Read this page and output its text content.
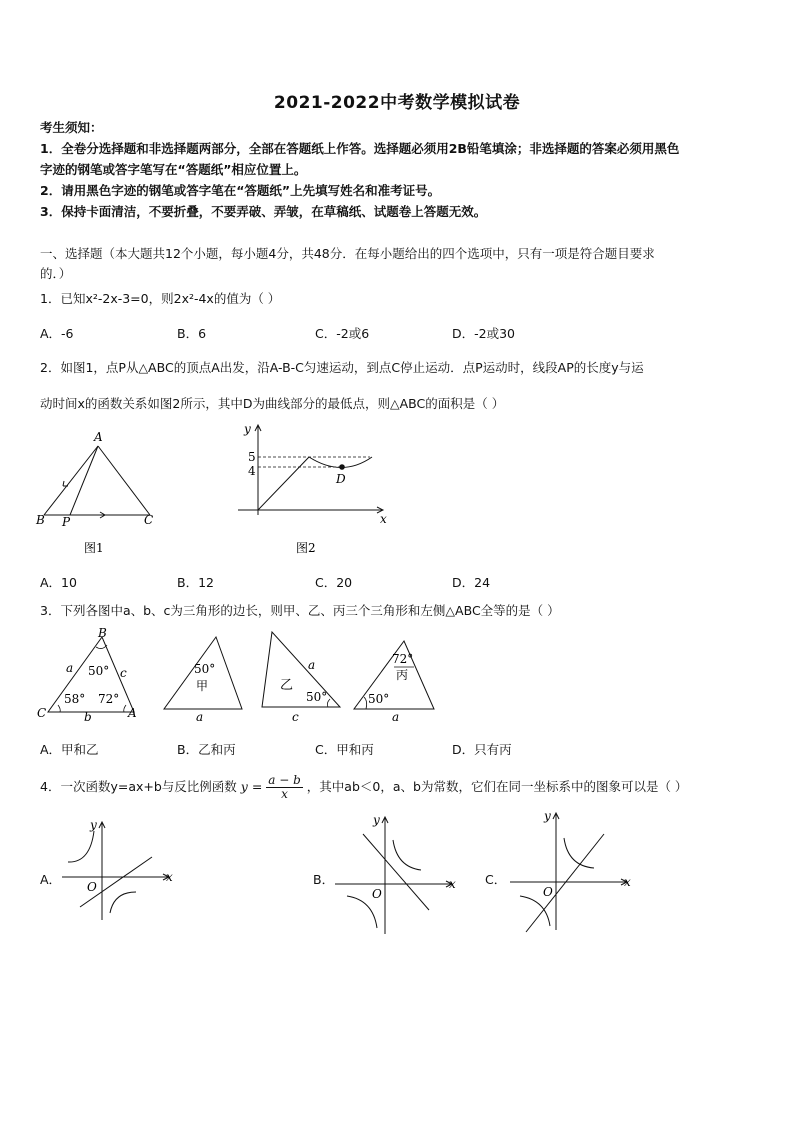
2021-2022中考数学模拟试卷
考生须知：
1．全卷分选择题和非选择题两部分，全部在答题纸上作答。选择题必须用2B铅笔填涂；非选择题的答案必须用黑色
字迹的钢笔或答字笔写在“答题纸”相应位置上。
2．请用黑色字迹的钢笔或答字笔在“答题纸”上先填写姓名和准考证号。
3．保持卡面清洁，不要折叠，不要弄破、弄皱，在草稿纸、试题卷上答题无效。
一、选择题（本大题共12个小题，每小题4分，共48分．在每小题给出的四个选项中，只有一项是符合题目要求
的．）
1．已知x²-2x-3=0，则2x²-4x的值为（ ）
A．-6	B．6	C．-2或6	D．-2或30
2．如图1，点P从△ABC的顶点A出发，沿A-B-C匀速运动，到点C停止运动．点P运动时，线段AP的长度y与运
动时间x的函数关系如图2所示，其中D为曲线部分的最低点，则△ABC的面积是（ ）
A
B	C
P
图1
y
x
5
4
D
图2
A．10	B．12	C．20	D．24
3．下列各图中a、b、c为三角形的边长，则甲、乙、丙三个三角形和左侧△ABC全等的是（ ）
B
C	A
a	c
b
50°
58° 72°
50°
甲
a
a
乙
50°
c
72°
丙
50°
a
A．甲和乙	B．乙和丙	C．甲和丙	D．只有丙
4．一次函数y=ax+b与反比例函数 $y = \frac{a - b}{x}$ ，其中ab＜0，a、b为常数，它们在同一坐标系中的图象可以是（ ）
A．
y
x
O	B．
y
x
O
C．
y
x
O
